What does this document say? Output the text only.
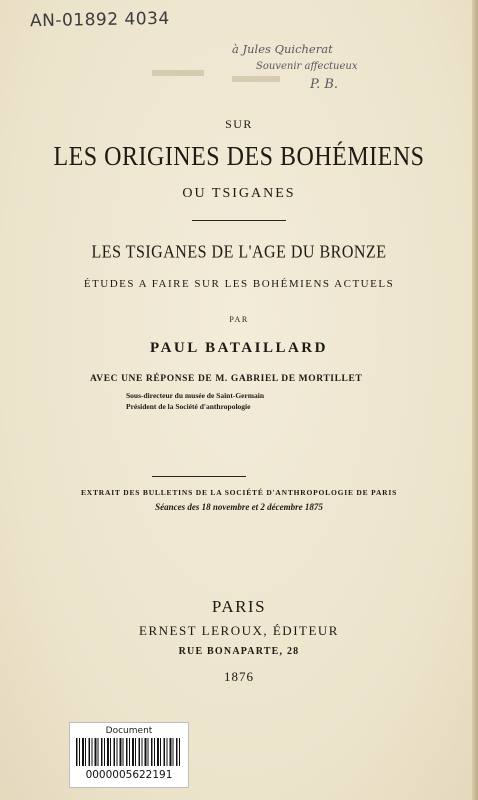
AN-01892 4034
à Jules Quicherat
Souvenir affectueux
P. B.
SUR
LES ORIGINES DES BOHÉMIENS
OU TSIGANES
LES TSIGANES DE L'AGE DU BRONZE
ÉTUDES A FAIRE SUR LES BOHÉMIENS ACTUELS
PAR
PAUL BATAILLARD
AVEC UNE RÉPONSE DE M. GABRIEL DE MORTILLET
Sous-directeur du musée de Saint-Germain
Président de la Société d'anthropologie
EXTRAIT DES BULLETINS DE LA SOCIÉTÉ D'ANTHROPOLOGIE DE PARIS
Séances des 18 novembre et 2 décembre 1875
PARIS
ERNEST LEROUX, ÉDITEUR
RUE BONAPARTE, 28
1876
Document
0000005622191
